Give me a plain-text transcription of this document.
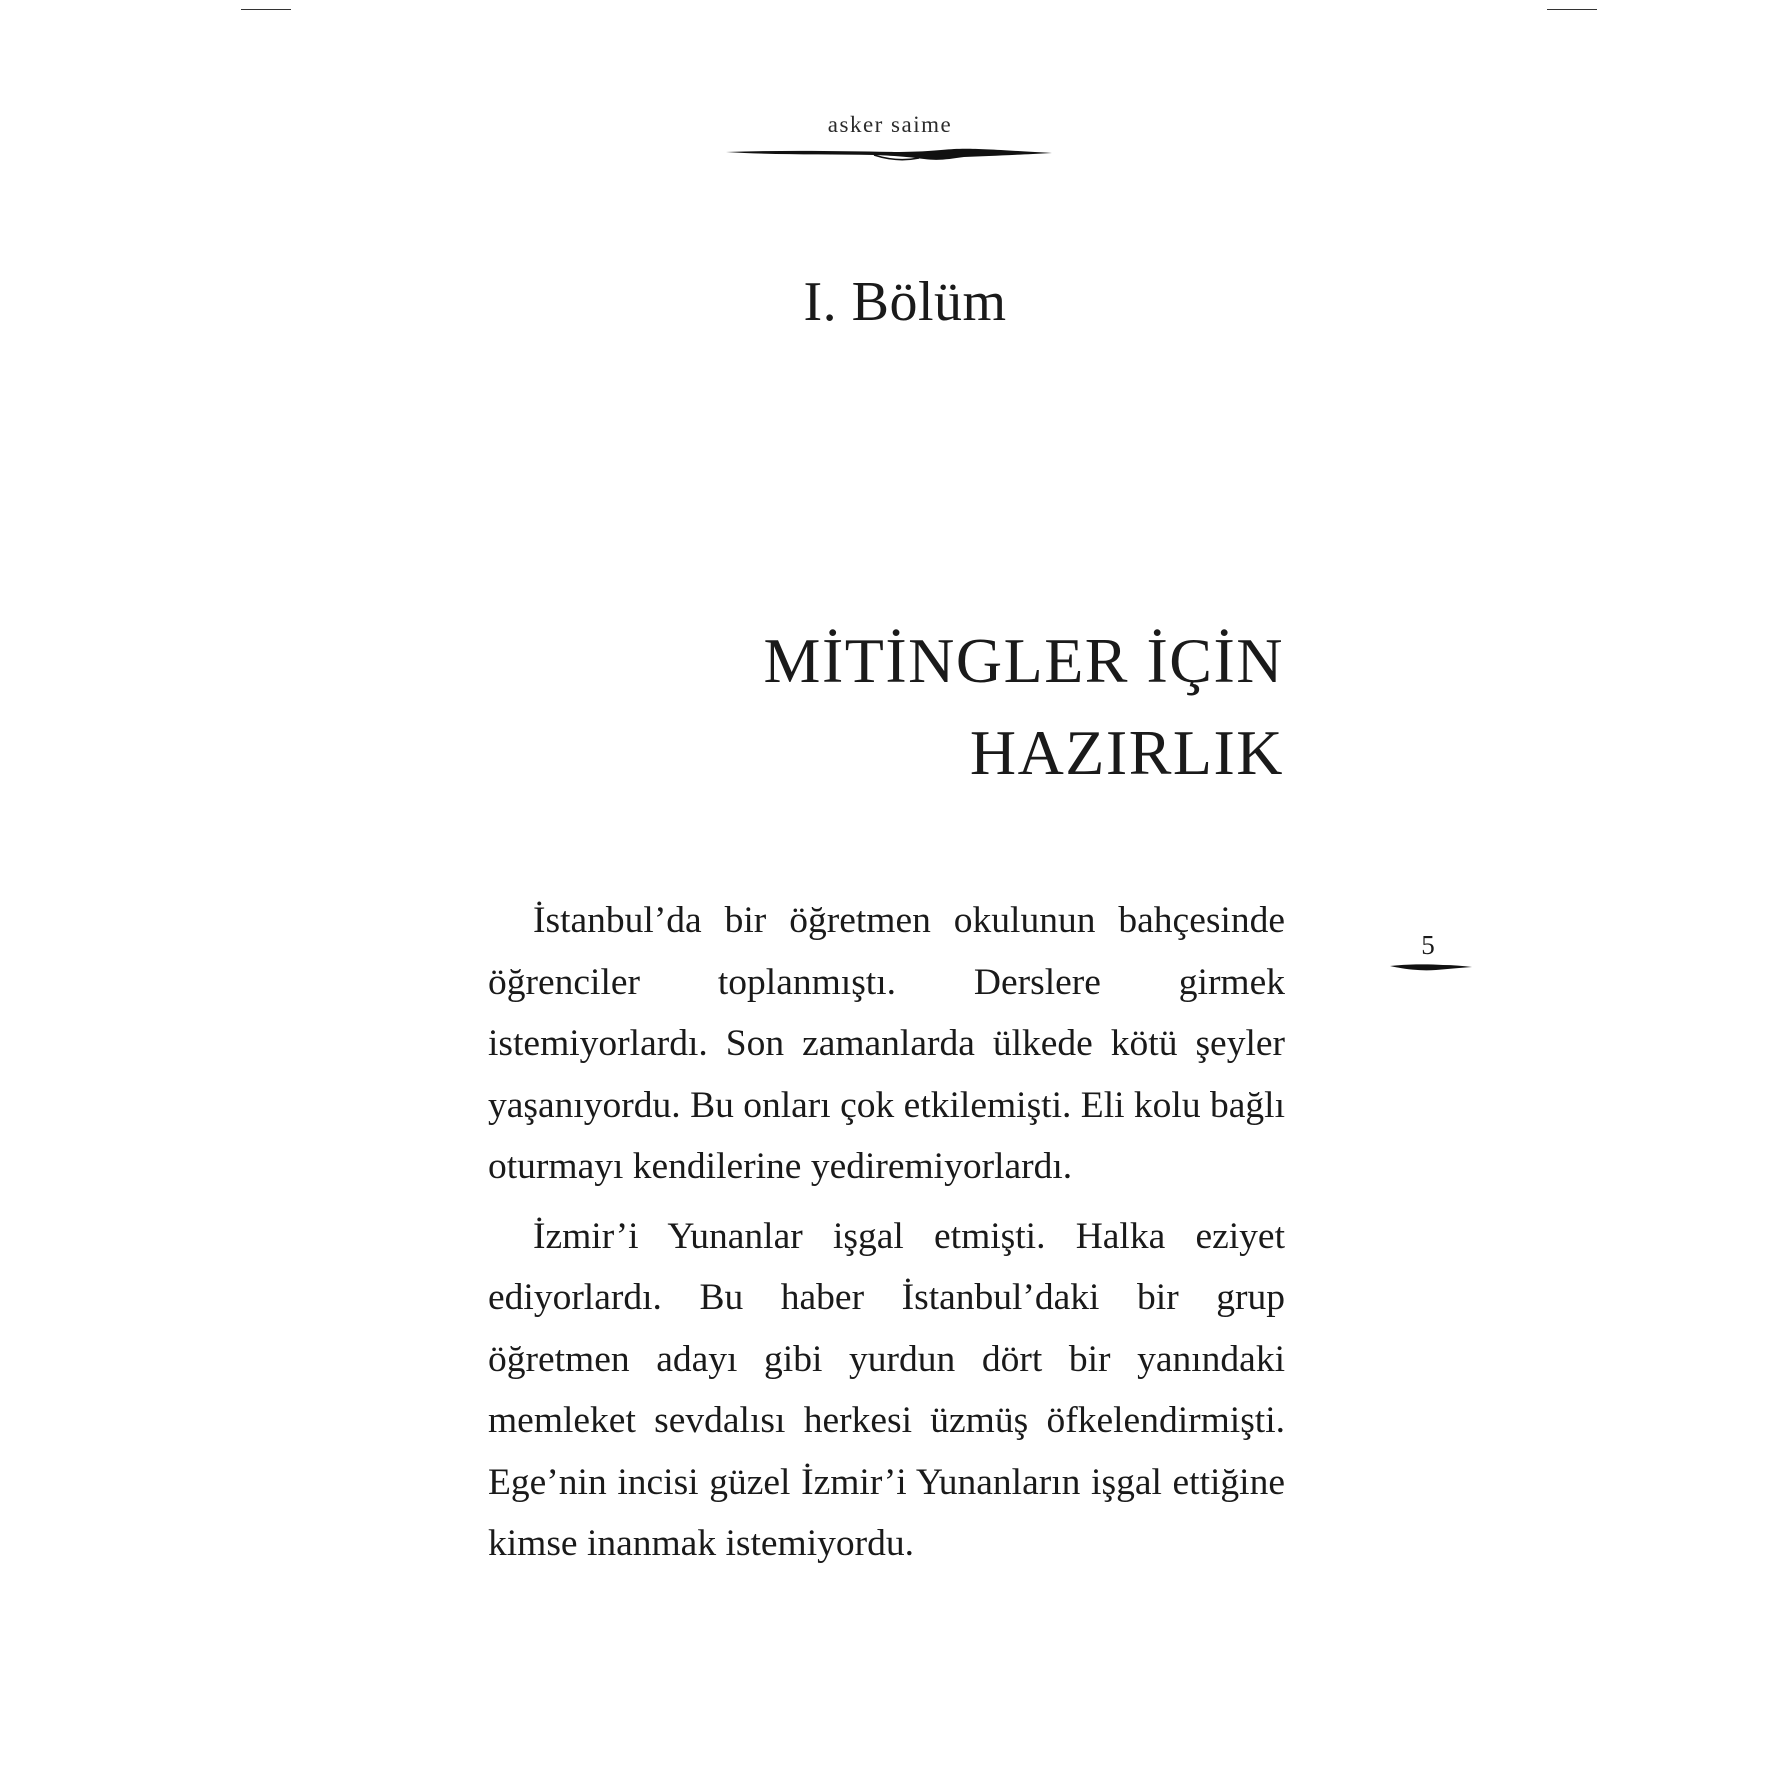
asker saime
I. Bölüm
MİTİNGLER İÇİN
HAZIRLIK

İstanbul’da bir öğretmen okulunun bahçesinde öğrenciler toplanmıştı. Derslere girmek istemiyorlardı. Son zamanlarda ülkede kötü şeyler yaşanıyordu. Bu onları çok etkilemişti. Eli kolu bağlı oturmayı kendilerine yediremiyorlardı.

İzmir’i Yunanlar işgal etmişti. Halka eziyet ediyorlardı. Bu haber İstanbul’daki bir grup öğretmen adayı gibi yurdun dört bir yanındaki memleket sevdalısı herkesi üzmüş öfkelendirmişti. Ege’nin incisi güzel İzmir’i Yunanların işgal ettiğine kimse inanmak istemiyordu.

5
